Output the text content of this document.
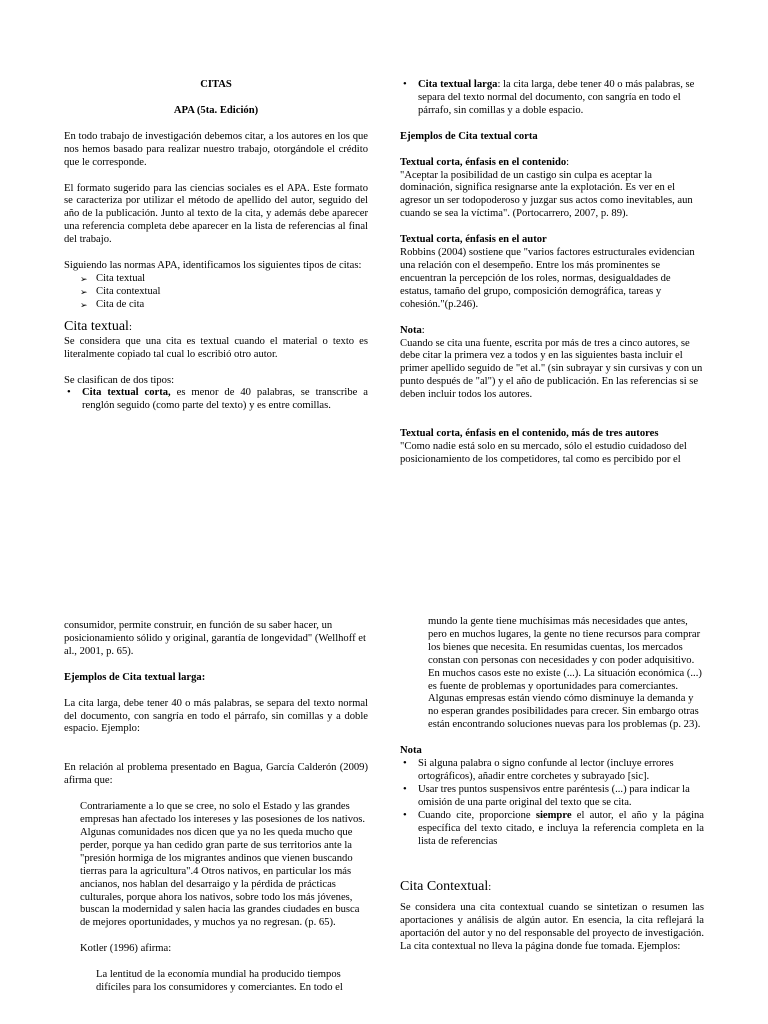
CITAS

APA (5ta. Edición)

En todo trabajo de investigación debemos citar, a los autores en los que nos hemos basado para realizar nuestro trabajo, otorgándole el crédito que le corresponde.

El formato sugerido para las ciencias sociales es el APA. Este formato se caracteriza por utilizar el método de apellido del autor, seguido del año de la publicación. Junto al texto de la cita, y además debe aparecer una referencia completa debe aparecer en la lista de referencias al final del trabajo.

Siguiendo las normas APA, identificamos los siguientes tipos de citas:

➢ Cita textual
➢ Cita contextual
➢ Cita de cita

Cita textual:

Se considera que una cita es textual cuando el material o texto es literalmente copiado tal cual lo escribió otro autor.

Se clasifican de dos tipos:

• Cita textual corta, es menor de 40 palabras, se transcribe a renglón seguido (como parte del texto) y es entre comillas.
• Cita textual larga: la cita larga, debe tener 40 o más palabras, se separa del texto normal del documento, con sangría en todo el párrafo, sin comillas y a doble espacio.

Ejemplos de Cita textual corta

Textual corta, énfasis en el contenido:

"Aceptar la posibilidad de un castigo sin culpa es aceptar la dominación, significa resignarse ante la explotación. Es ver en el agresor un ser todopoderoso y juzgar sus actos como inevitables, aun cuando se sea la víctima". (Portocarrero, 2007, p. 89).

Textual corta, énfasis en el autor

Robbins (2004) sostiene que "varios factores estructurales evidencian una relación con el desempeño. Entre los más prominentes se encuentran la percepción de los roles, normas, desigualdades de estatus, tamaño del grupo, composición demográfica, tareas y cohesión."(p.246).

Nota:

Cuando se cita una fuente, escrita por más de tres a cinco autores, se debe citar la primera vez a todos y en las siguientes basta incluir el primer apellido seguido de "et al." (sin subrayar y sin cursivas y con un punto después de "al") y el año de publicación. En las referencias si se deben incluir todos los autores.

Textual corta, énfasis en el contenido, más de tres autores

"Como nadie está solo en su mercado, sólo el estudio cuidadoso del posicionamiento de los competidores, tal como es percibido por el

consumidor, permite construir, en función de su saber hacer, un posicionamiento sólido y original, garantía de longevidad" (Wellhoff et al., 2001, p. 65).

Ejemplos de Cita textual larga:

La cita larga, debe tener 40 o más palabras, se separa del texto normal del documento, con sangría en todo el párrafo, sin comillas y a doble espacio. Ejemplo:

En relación al problema presentado en Bagua, García Calderón (2009) afirma que:

Contrariamente a lo que se cree, no solo el Estado y las grandes empresas han afectado los intereses y las posesiones de los nativos. Algunas comunidades nos dicen que ya no les queda mucho que perder, porque ya han cedido gran parte de sus territorios ante la "presión hormiga de los migrantes andinos que vienen buscando tierras para la agricultura".4 Otros nativos, en particular los más ancianos, nos hablan del desarraigo y la pérdida de prácticas culturales, porque ahora los nativos, sobre todo los más jóvenes, buscan la modernidad y salen hacia las grandes ciudades en busca de mejores oportunidades, y muchos ya no regresan. (p. 65).

Kotler (1996) afirma:

La lentitud de la economía mundial ha producido tiempos difíciles para los consumidores y comerciantes. En todo el

mundo la gente tiene muchísimas más necesidades que antes, pero en muchos lugares, la gente no tiene recursos para comprar los bienes que necesita. En resumidas cuentas, los mercados constan con personas con necesidades y con poder adquisitivo. En muchos casos este no existe (...). La situación económica (...) es fuente de problemas y oportunidades para comerciantes. Algunas empresas están viendo cómo disminuye la demanda y no esperan grandes posibilidades para crecer. Sin embargo otras están encontrando soluciones nuevas para los problemas (p. 23).

Nota

• Si alguna palabra o signo confunde al lector (incluye errores ortográficos), añadir entre corchetes y subrayado [sic].
• Usar tres puntos suspensivos entre paréntesis (...) para indicar la omisión de una parte original del texto que se cita.
• Cuando cite, proporcione siempre el autor, el año y la página específica del texto citado, e incluya la referencia completa en la lista de referencias

Cita Contextual:

Se considera una cita contextual cuando se sintetizan o resumen las aportaciones y análisis de algún autor. En esencia, la cita reflejará la aportación del autor y no del responsable del proyecto de investigación. La cita contextual no lleva la página donde fue tomada. Ejemplos:
